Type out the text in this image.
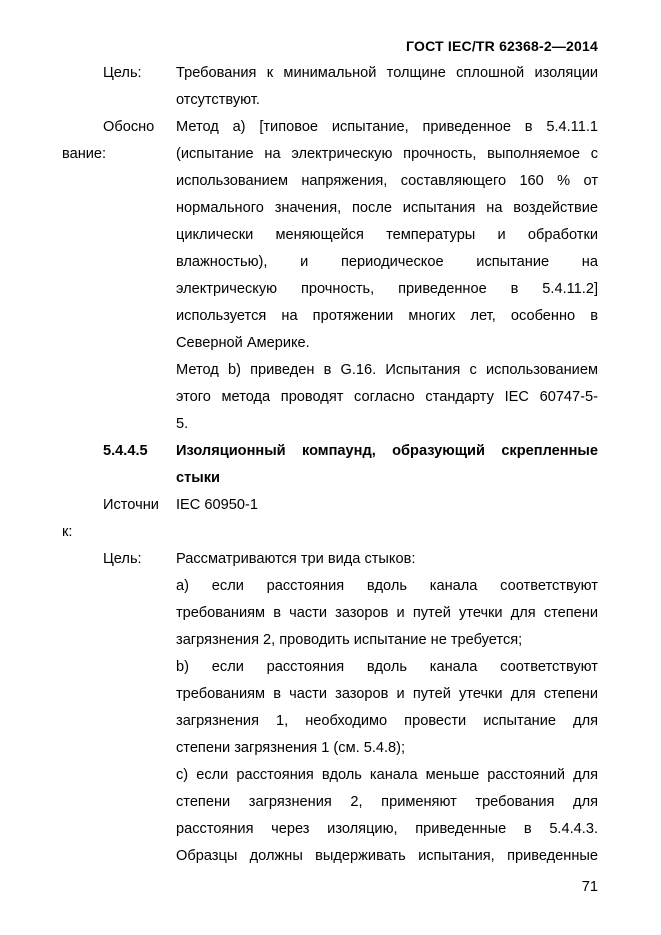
ГОСТ IEC/TR 62368-2—2014
Цель: Требования к минимальной толщине сплошной изоляции
отсутствуют.
Обосно
вание:
Метод а) [типовое испытание, приведенное в 5.4.11.1
(испытание на электрическую прочность, выполняемое с
использованием напряжения, составляющего 160 % от
нормального значения, после испытания на воздействие
циклически меняющейся температуры и обработки
влажностью), и периодическое испытание на
электрическую прочность, приведенное в 5.4.11.2]
используется на протяжении многих лет, особенно в
Северной Америке.
Метод b) приведен в G.16. Испытания с использованием
этого метода проводят согласно стандарту IEC 60747-5-
5.
5.4.4.5 Изоляционный компаунд, образующий скрепленные
стыки
Источни
к:
IEC 60950-1
Цель: Рассматриваются три вида стыков:
а) если расстояния вдоль канала соответствуют
требованиям в части зазоров и путей утечки для степени
загрязнения 2, проводить испытание не требуется;
b) если расстояния вдоль канала соответствуют
требованиям в части зазоров и путей утечки для степени
загрязнения 1, необходимо провести испытание для
степени загрязнения 1 (см. 5.4.8);
c) если расстояния вдоль канала меньше расстояний для
степени загрязнения 2, применяют требования для
расстояния через изоляцию, приведенные в 5.4.4.3.
Образцы должны выдерживать испытания, приведенные
71
